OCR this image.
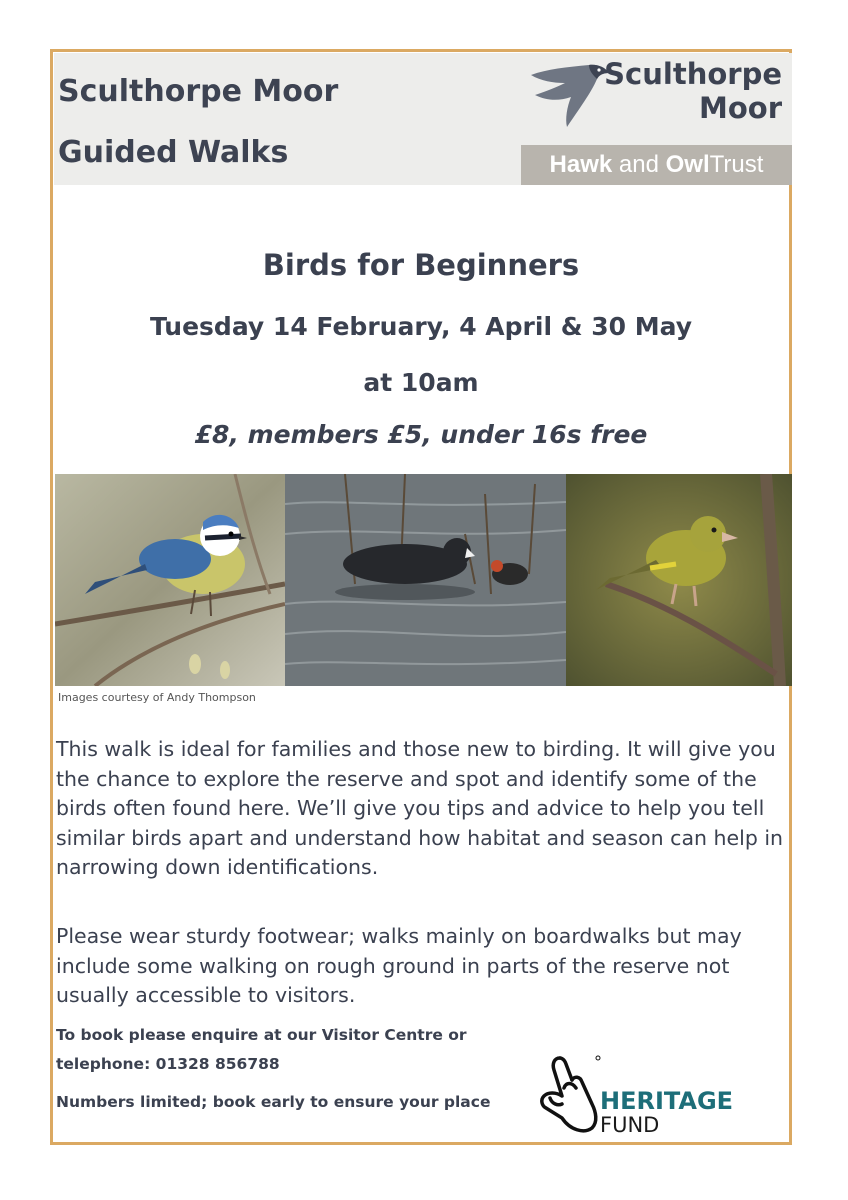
Sculthorpe Moor
Guided Walks
Sculthorpe
Moor
Hawk and OwlTrust
Birds for Beginners
Tuesday 14 February, 4 April & 30 May
at 10am
£8, members £5, under 16s free
Images courtesy of Andy Thompson
This walk is ideal for families and those new to birding. It will give you the chance to explore the reserve and spot and identify some of the birds often found here. We’ll give you tips and advice to help you tell similar birds apart and understand how habitat and season can help in narrowing down identifications.
Please wear sturdy footwear; walks mainly on boardwalks but may include some walking on rough ground in parts of the reserve not usually accessible to visitors.
To book please enquire at our Visitor Centre or
telephone: 01328 856788
Numbers limited; book early to ensure your place	HERITAGE
FUND
